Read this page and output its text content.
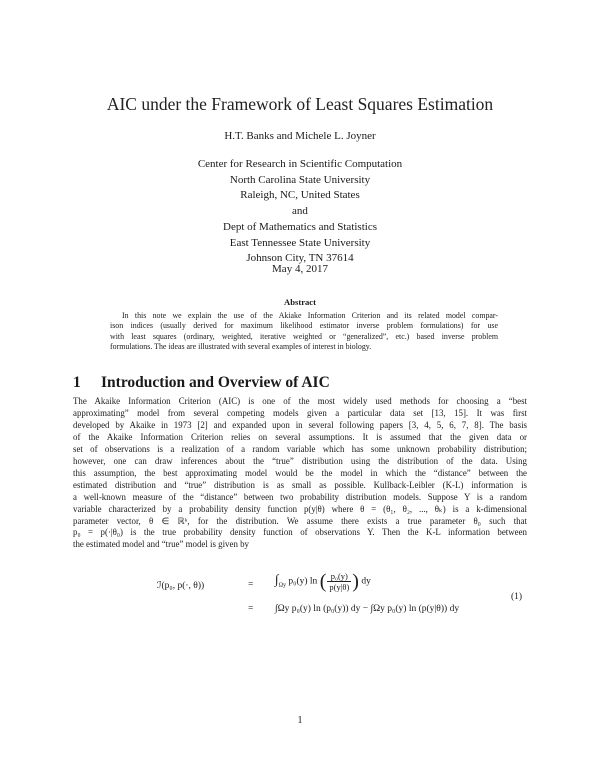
AIC under the Framework of Least Squares Estimation
H.T. Banks and Michele L. Joyner
Center for Research in Scientific Computation
North Carolina State University
Raleigh, NC, United States
and
Dept of Mathematics and Statistics
East Tennessee State University
Johnson City, TN 37614
May 4, 2017
Abstract
In this note we explain the use of the Akiake Information Criterion and its related model compar-
ison indices (usually derived for maximum likelihood estimator inverse problem formulations) for use
with least squares (ordinary, weighted, iterative weighted or “generalized”, etc.) based inverse problem
formulations. The ideas are illustrated with several examples of interest in biology.
1 Introduction and Overview of AIC
The Akaike Information Criterion (AIC) is one of the most widely used methods for choosing a “best
approximating” model from several competing models given a particular data set [13, 15]. It was first
developed by Akaike in 1973 [2] and expanded upon in several following papers [3, 4, 5, 6, 7, 8]. The basis
of the Akaike Information Criterion relies on several assumptions. It is assumed that the given data or
set of observations is a realization of a random variable which has some unknown probability distribution;
however, one can draw inferences about the “true” distribution using the distribution of the data. Using
this assumption, the best approximating model would be the model in which the “distance” between the
estimated distribution and “true” distribution is as small as possible. Kullback-Leibler (K-L) information is
a well-known measure of the “distance” between two probability distribution models. Suppose Y is a random
variable characterized by a probability density function p(y|θ) where θ = (θ₁, θ₂, ..., θₖ) is a k-dimensional
parameter vector, θ ∈ ℝᵏ, for the distribution. We assume there exists a true parameter θ₀ such that
p₀ = p(·|θ₀) is the true probability density function of observations Y. Then the K-L information between
the estimated model and “true” model is given by
ℐ(p₀, p(·, θ))	= $\int_{\Omega y}$ p₀(y) ln ( $\frac{\text{p₀(y)}}{p(y|\theta)}$ ) dy
= ∫Ωy p₀(y) ln (p₀(y)) dy − ∫Ωy p₀(y) ln (p(y|θ)) dy
(1)
1
